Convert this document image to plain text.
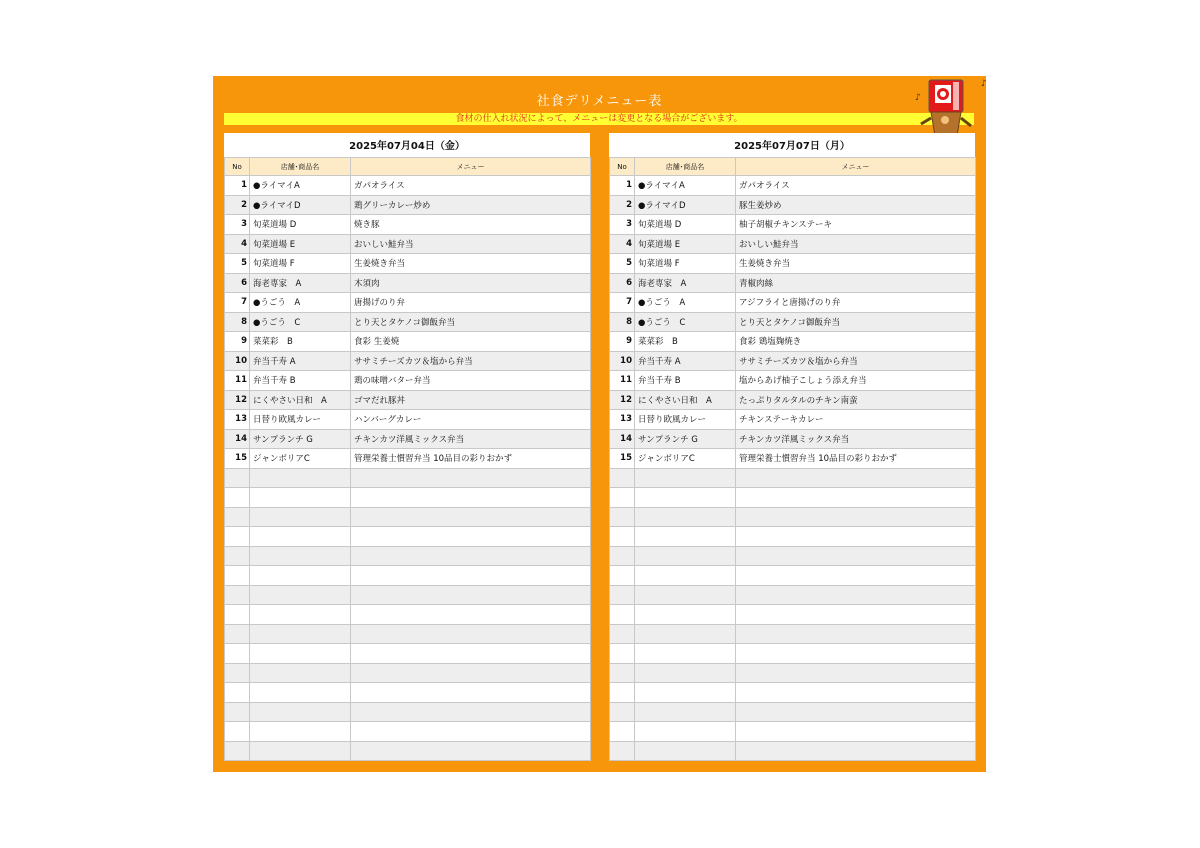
社食デリメニュー表
食材の仕入れ状況によって、メニューは変更となる場合がございます。
♪
♪
2025年07月04日（金）
No	店舗･商品名	メニュー
1	●ライマイA	ガパオライス
2	●ライマイD	鶏グリーカレー炒め
3	旬菜道場 D	焼き豚
4	旬菜道場 E	おいしい鮭弁当
5	旬菜道場 F	生姜焼き弁当
6	海老専家　A	木須肉
7	●うごう　A	唐揚げのり弁
8	●うごう　C	とり天とタケノコ御飯弁当
9	菜菜彩　B	食彩 生姜焼
10	弁当千寿 A	ササミチーズカツ＆塩から弁当
11	弁当千寿 B	鶏の味噌バター弁当
12	にくやさい日和　A	ゴマだれ豚丼
13	日替り欧風カレー	ハンバーグカレー
14	サンプランチ G	チキンカツ洋風ミックス弁当
15	ジャンボリアC	管理栄養士慣習弁当 10品目の彩りおかず

2025年07月07日（月）
No	店舗･商品名	メニュー
1	●ライマイA	ガパオライス
2	●ライマイD	豚生姜炒め
3	旬菜道場 D	柚子胡椒チキンステーキ
4	旬菜道場 E	おいしい鮭弁当
5	旬菜道場 F	生姜焼き弁当
6	海老専家　A	青椒肉絲
7	●うごう　A	アジフライと唐揚げのり弁
8	●うごう　C	とり天とタケノコ御飯弁当
9	菜菜彩　B	食彩 鶏塩麹焼き
10	弁当千寿 A	ササミチーズカツ＆塩から弁当
11	弁当千寿 B	塩からあげ柚子こしょう添え弁当
12	にくやさい日和　A	たっぷりタルタルのチキン南蛮
13	日替り欧風カレー	チキンステーキカレー
14	サンプランチ G	チキンカツ洋風ミックス弁当
15	ジャンボリアC	管理栄養士慣習弁当 10品目の彩りおかず
